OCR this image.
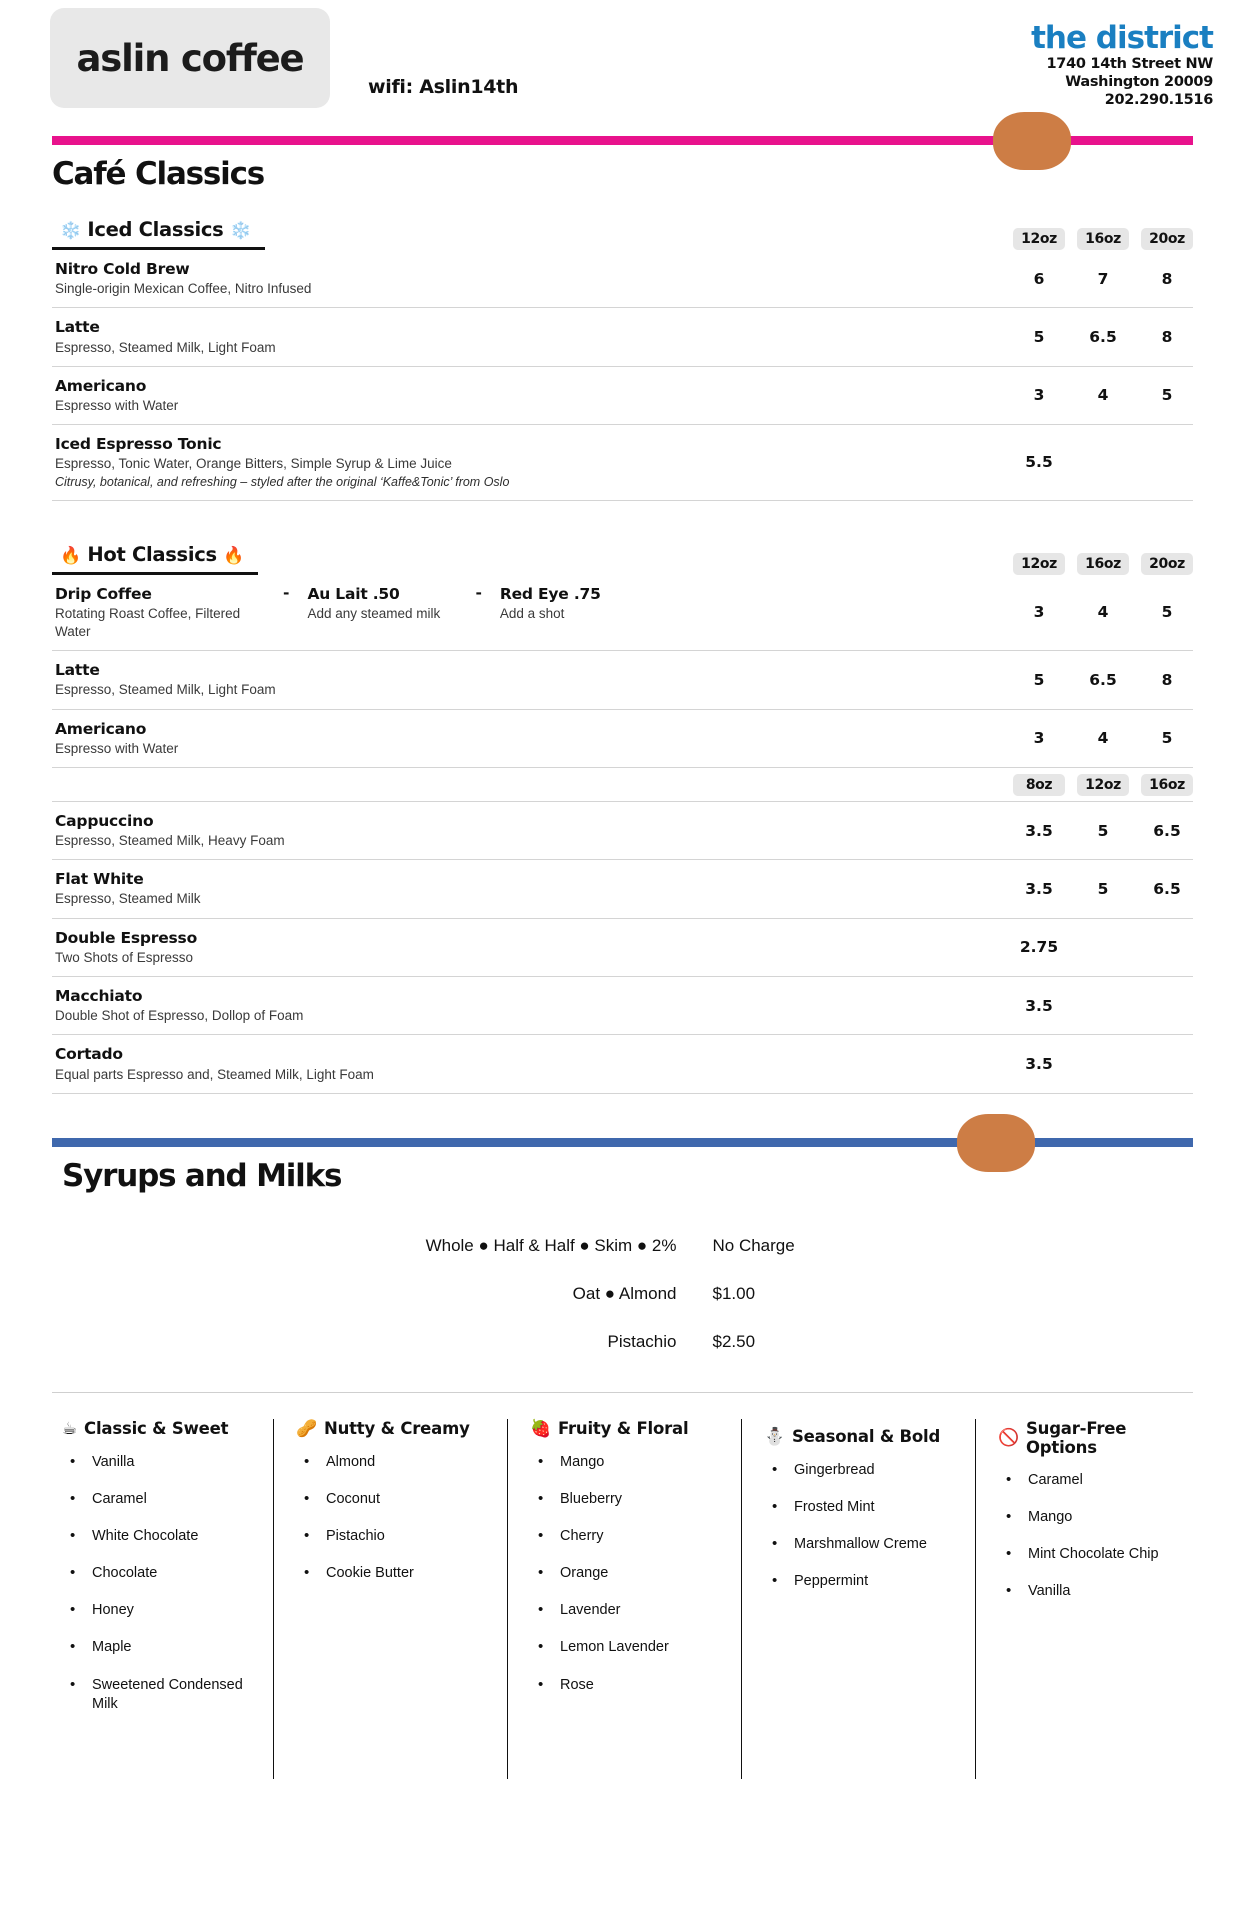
aslin coffee
wifi: Aslin14th
the district
1740 14th Street NW
Washington 20009
202.290.1516
Café Classics
❄️ Iced Classics ❄️	12oz	16oz	20oz
Nitro Cold Brew
Single-origin Mexican Coffee, Nitro Infused
6	7	8
Latte
Espresso, Steamed Milk, Light Foam
5	6.5	8
Americano
Espresso with Water
3	4	5
Iced Espresso Tonic
Espresso, Tonic Water, Orange Bitters, Simple Syrup & Lime Juice
Citrusy, botanical, and refreshing – styled after the original ‘Kaffe&Tonic’ from Oslo
5.5
🔥 Hot Classics 🔥	12oz	16oz	20oz
Drip Coffee
Rotating Roast Coffee, Filtered Water
-	Au Lait .50
Add any steamed milk
-	Red Eye .75
Add a shot	3	4	5
Latte
Espresso, Steamed Milk, Light Foam
5	6.5	8
Americano
Espresso with Water
3	4	5
8oz	12oz	16oz
Cappuccino
Espresso, Steamed Milk, Heavy Foam
3.5	5	6.5
Flat White
Espresso, Steamed Milk
3.5	5	6.5
Double Espresso
Two Shots of Espresso
2.75
Macchiato
Double Shot of Espresso, Dollop of Foam
3.5
Cortado
Equal parts Espresso and, Steamed Milk, Light Foam
3.5
Syrups and Milks
Whole ● Half & Half ● Skim ● 2%	No Charge
Oat ● Almond	$1.00
Pistachio	$2.50
☕ Classic & Sweet
• Vanilla
• Caramel
• White Chocolate
• Chocolate
• Honey
• Maple
• Sweetened Condensed Milk
🥜 Nutty & Creamy
• Almond
• Coconut
• Pistachio
• Cookie Butter
🍓 Fruity & Floral
• Mango
• Blueberry
• Cherry
• Orange
• Lavender
• Lemon Lavender
• Rose
⛄ Seasonal & Bold
• Gingerbread
• Frosted Mint
• Marshmallow Creme
• Peppermint
🚫 Sugar-Free Options
• Caramel
• Mango
• Mint Chocolate Chip
• Vanilla
